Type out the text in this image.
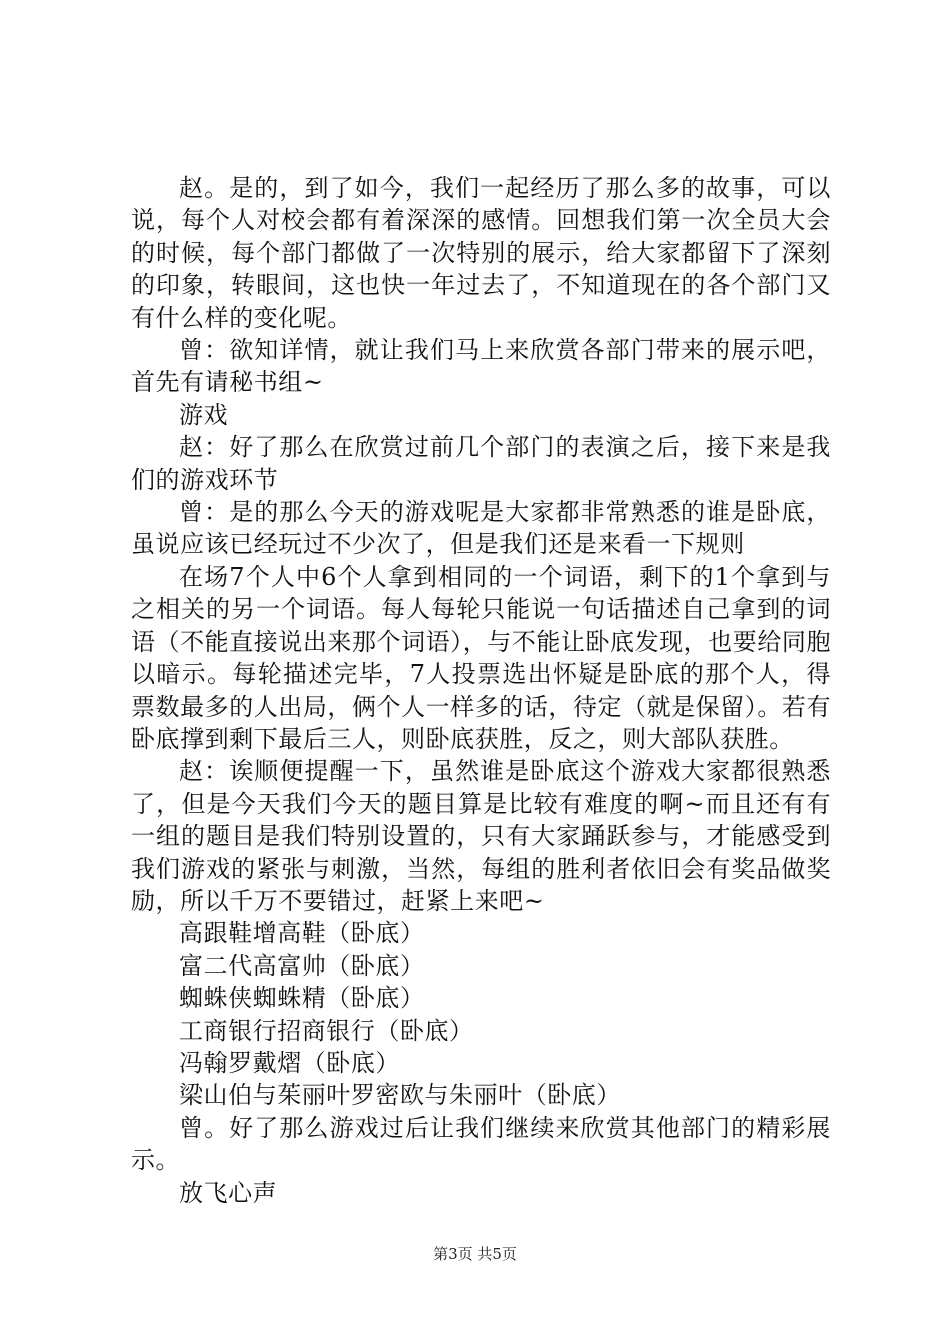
赵。是的，到了如今，我们一起经历了那么多的故事，可以说，每个人对校会都有着深深的感情。回想我们第一次全员大会的时候，每个部门都做了一次特别的展示，给大家都留下了深刻的印象，转眼间，这也快一年过去了，不知道现在的各个部门又有什么样的变化呢。

曾：欲知详情，就让我们马上来欣赏各部门带来的展示吧，首先有请秘书组~

游戏

赵：好了那么在欣赏过前几个部门的表演之后，接下来是我们的游戏环节

曾：是的那么今天的游戏呢是大家都非常熟悉的谁是卧底，虽说应该已经玩过不少次了，但是我们还是来看一下规则

在场7个人中6个人拿到相同的一个词语，剩下的1个拿到与之相关的另一个词语。每人每轮只能说一句话描述自己拿到的词语（不能直接说出来那个词语），与不能让卧底发现，也要给同胞以暗示。每轮描述完毕，7人投票选出怀疑是卧底的那个人，得票数最多的人出局，俩个人一样多的话，待定（就是保留）。若有卧底撑到剩下最后三人，则卧底获胜，反之，则大部队获胜。

赵：诶顺便提醒一下，虽然谁是卧底这个游戏大家都很熟悉了，但是今天我们今天的题目算是比较有难度的啊~而且还有有一组的题目是我们特别设置的，只有大家踊跃参与，才能感受到我们游戏的紧张与刺激，当然，每组的胜利者依旧会有奖品做奖励，所以千万不要错过，赶紧上来吧~

高跟鞋增高鞋（卧底）

富二代高富帅（卧底）

蜘蛛侠蜘蛛精（卧底）

工商银行招商银行（卧底）

冯翰罗戴熠（卧底）

梁山伯与茱丽叶罗密欧与朱丽叶（卧底）

曾。好了那么游戏过后让我们继续来欣赏其他部门的精彩展示。

放飞心声

第3页 共5页
